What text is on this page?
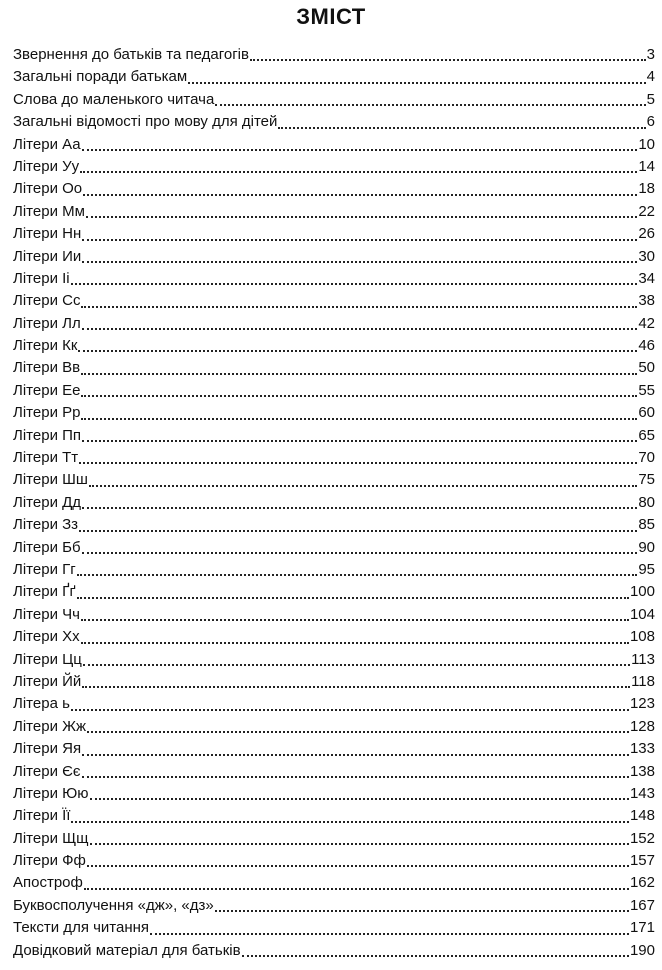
ЗМІСТ
Звернення до батьків та педагогів	3
Загальні поради батькам	4
Слова до маленького читача	5
Загальні відомості про мову для дітей	6
Літери Аа	10
Літери Уу	14
Літери Оо	18
Літери Мм	22
Літери Нн	26
Літери Ии	30
Літери Іі	34
Літери Сс	38
Літери Лл	42
Літери Кк	46
Літери Вв	50
Літери Ее	55
Літери Рр	60
Літери Пп	65
Літери Тт	70
Літери Шш	75
Літери Дд	80
Літери Зз	85
Літери Бб	90
Літери Гг	95
Літери Ґґ	100
Літери Чч	104
Літери Хх	108
Літери Цц	113
Літери Йй	118
Літера ь	123
Літери Жж	128
Літери Яя	133
Літери Єє	138
Літери Юю	143
Літери Її	148
Літери Щщ	152
Літери Фф	157
Апостроф	162
Буквосполучення «дж», «дз»	167
Тексти для читання	171
Довідковий матеріал для батьків	190
